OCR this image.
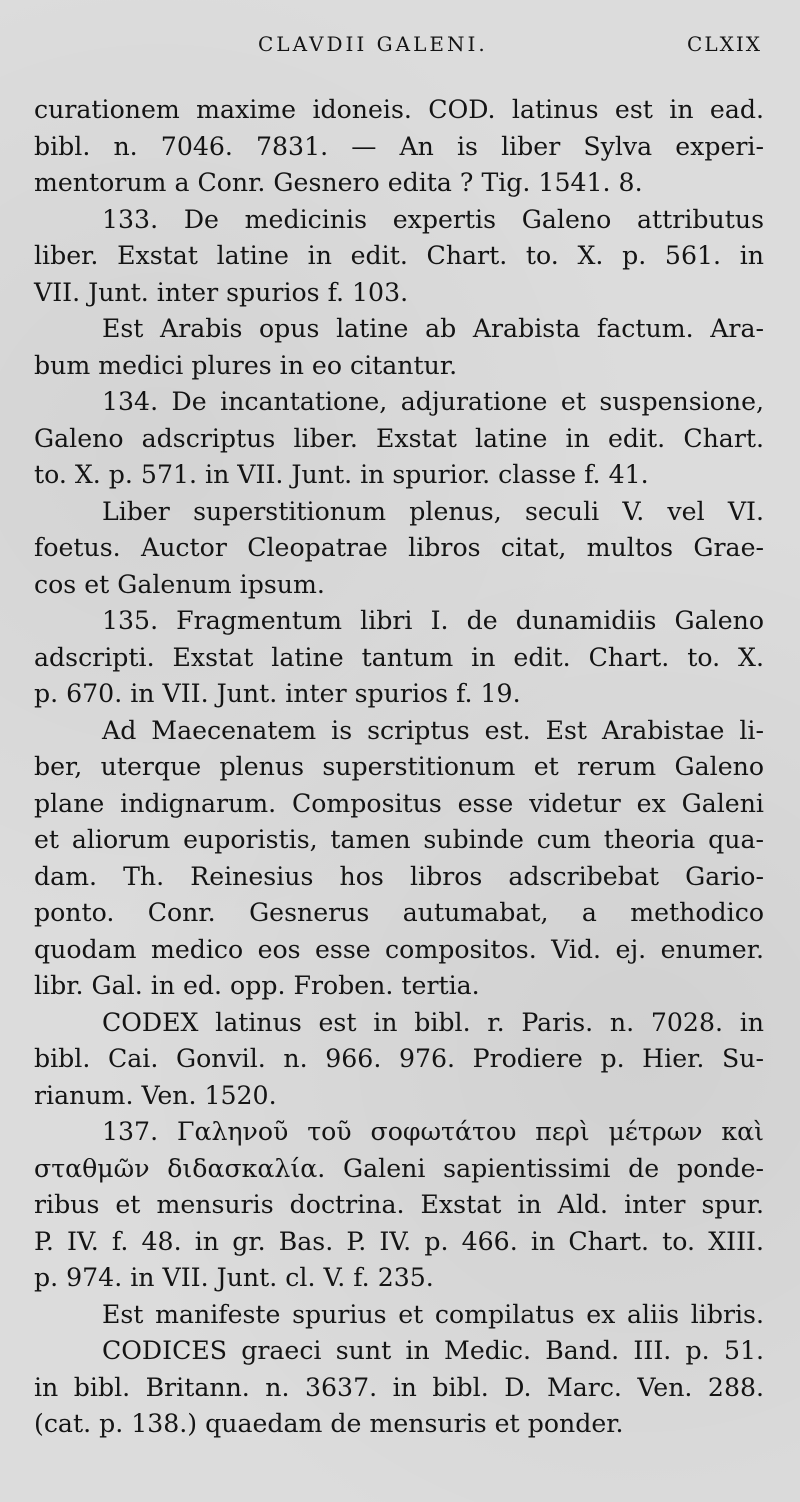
CLAVDII GALENI.	CLXIX
curationem maxime idoneis. COD. latinus est in ead.
bibl. n. 7046. 7831. — An is liber Sylva experi-
mentorum a Conr. Gesnero edita ? Tig. 1541. 8.
133. De medicinis expertis Galeno attributus
liber. Exstat latine in edit. Chart. to. X. p. 561. in
VII. Junt. inter spurios f. 103.
Est Arabis opus latine ab Arabista factum. Ara-
bum medici plures in eo citantur.
134. De incantatione, adjuratione et suspensione,
Galeno adscriptus liber. Exstat latine in edit. Chart.
to. X. p. 571. in VII. Junt. in spurior. classe f. 41.
Liber superstitionum plenus, seculi V. vel VI.
foetus. Auctor Cleopatrae libros citat, multos Grae-
cos et Galenum ipsum.
135. Fragmentum libri I. de dunamidiis Galeno
adscripti. Exstat latine tantum in edit. Chart. to. X.
p. 670. in VII. Junt. inter spurios f. 19.
Ad Maecenatem is scriptus est. Est Arabistae li-
ber, uterque plenus superstitionum et rerum Galeno
plane indignarum. Compositus esse videtur ex Galeni
et aliorum euporistis, tamen subinde cum theoria qua-
dam. Th. Reinesius hos libros adscribebat Gario-
ponto. Conr. Gesnerus autumabat, a methodico
quodam medico eos esse compositos. Vid. ej. enumer.
libr. Gal. in ed. opp. Froben. tertia.
CODEX latinus est in bibl. r. Paris. n. 7028. in
bibl. Cai. Gonvil. n. 966. 976. Prodiere p. Hier. Su-
rianum. Ven. 1520.
137. Γαληνοῦ τοῦ σοφωτάτου περὶ μέτρων καὶ
σταθμῶν διδασκαλία. Galeni sapientissimi de ponde-
ribus et mensuris doctrina. Exstat in Ald. inter spur.
P. IV. f. 48. in gr. Bas. P. IV. p. 466. in Chart. to. XIII.
p. 974. in VII. Junt. cl. V. f. 235.
Est manifeste spurius et compilatus ex aliis libris.
CODICES graeci sunt in Medic. Band. III. p. 51.
in bibl. Britann. n. 3637. in bibl. D. Marc. Ven. 288.
(cat. p. 138.) quaedam de mensuris et ponder.
